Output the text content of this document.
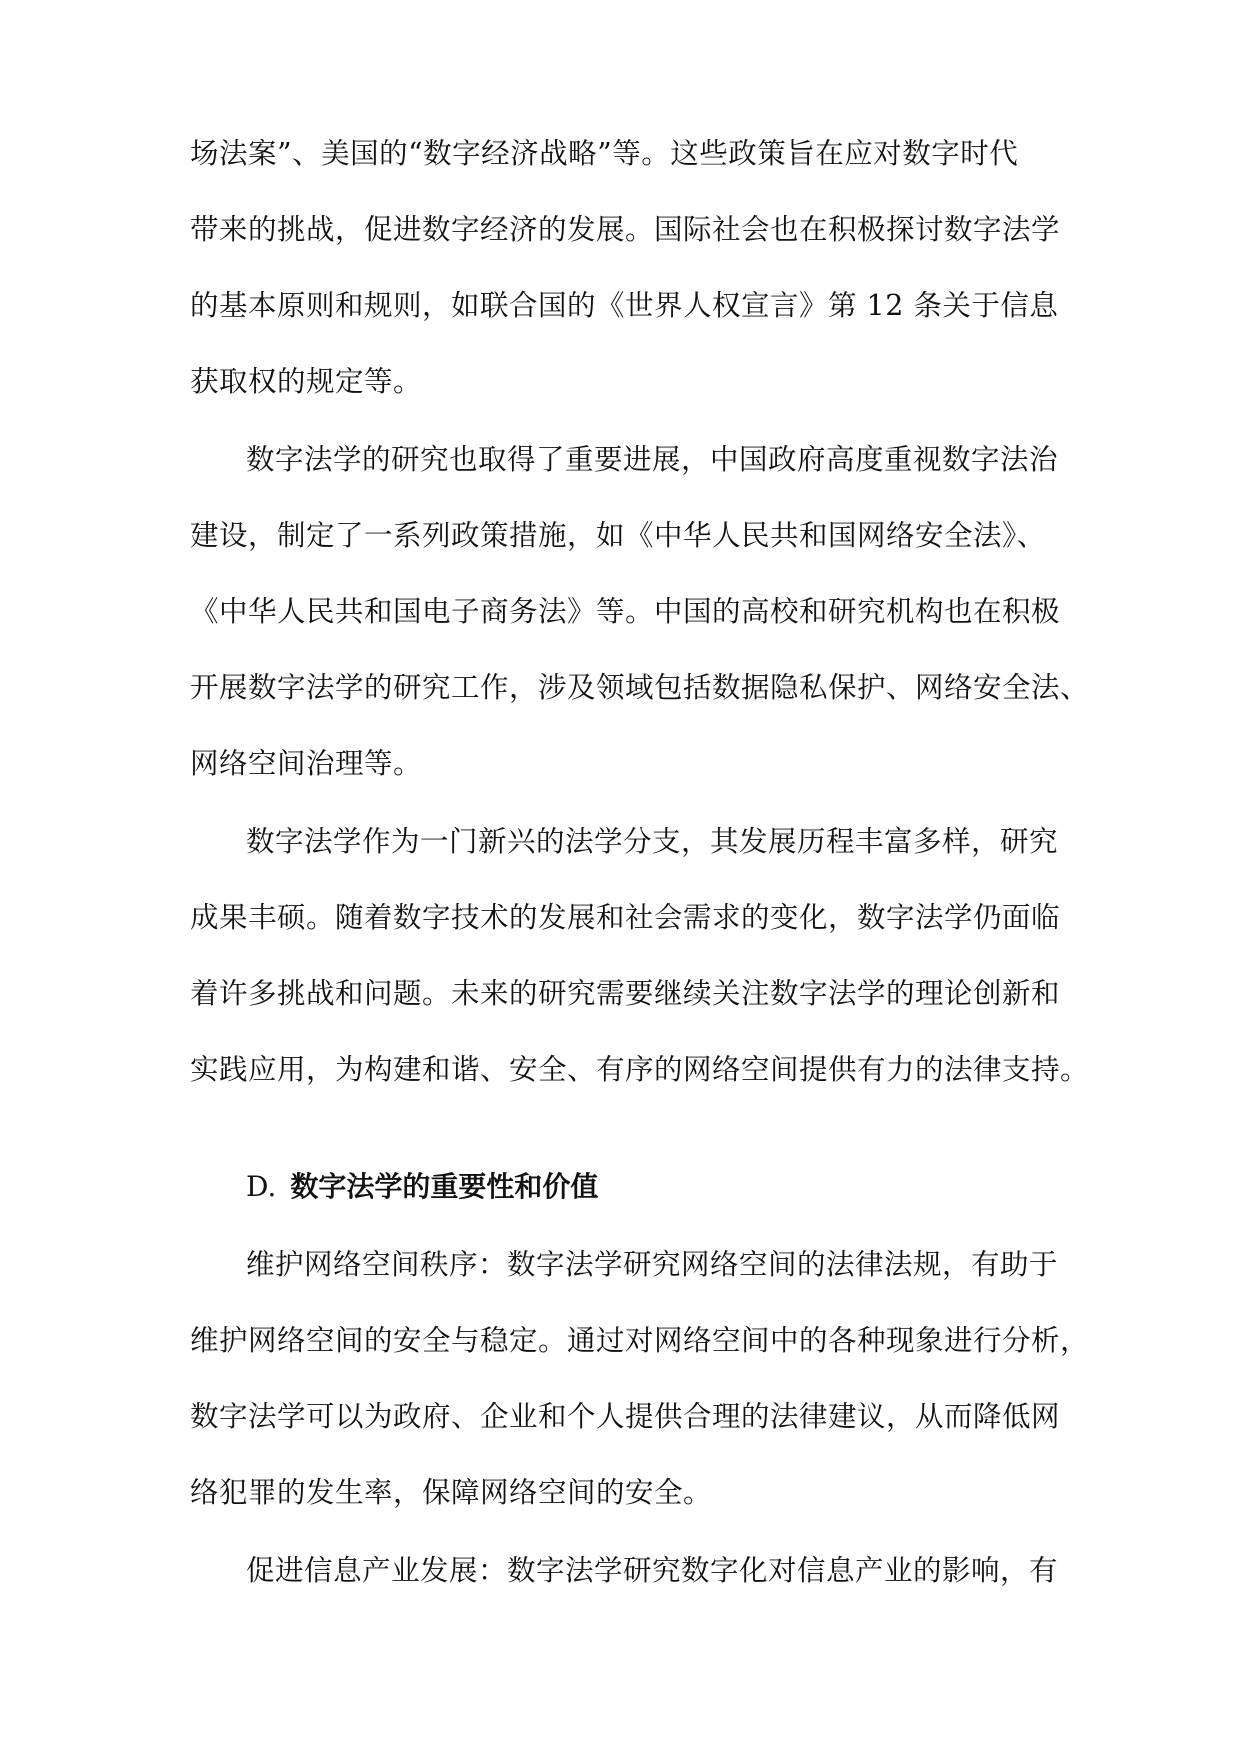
场法案”、美国的“数字经济战略”等。这些政策旨在应对数字时代
带来的挑战，促进数字经济的发展。国际社会也在积极探讨数字法学
的基本原则和规则，如联合国的《世界人权宣言》第 12 条关于信息
获取权的规定等。
数字法学的研究也取得了重要进展，中国政府高度重视数字法治
建设，制定了一系列政策措施，如《中华人民共和国网络安全法》、
《中华人民共和国电子商务法》等。中国的高校和研究机构也在积极
开展数字法学的研究工作，涉及领域包括数据隐私保护、网络安全法、
网络空间治理等。
数字法学作为一门新兴的法学分支，其发展历程丰富多样，研究
成果丰硕。随着数字技术的发展和社会需求的变化，数字法学仍面临
着许多挑战和问题。未来的研究需要继续关注数字法学的理论创新和
实践应用，为构建和谐、安全、有序的网络空间提供有力的法律支持。
D. 数字法学的重要性和价值
维护网络空间秩序：数字法学研究网络空间的法律法规，有助于
维护网络空间的安全与稳定。通过对网络空间中的各种现象进行分析，
数字法学可以为政府、企业和个人提供合理的法律建议，从而降低网
络犯罪的发生率，保障网络空间的安全。
促进信息产业发展：数字法学研究数字化对信息产业的影响，有
